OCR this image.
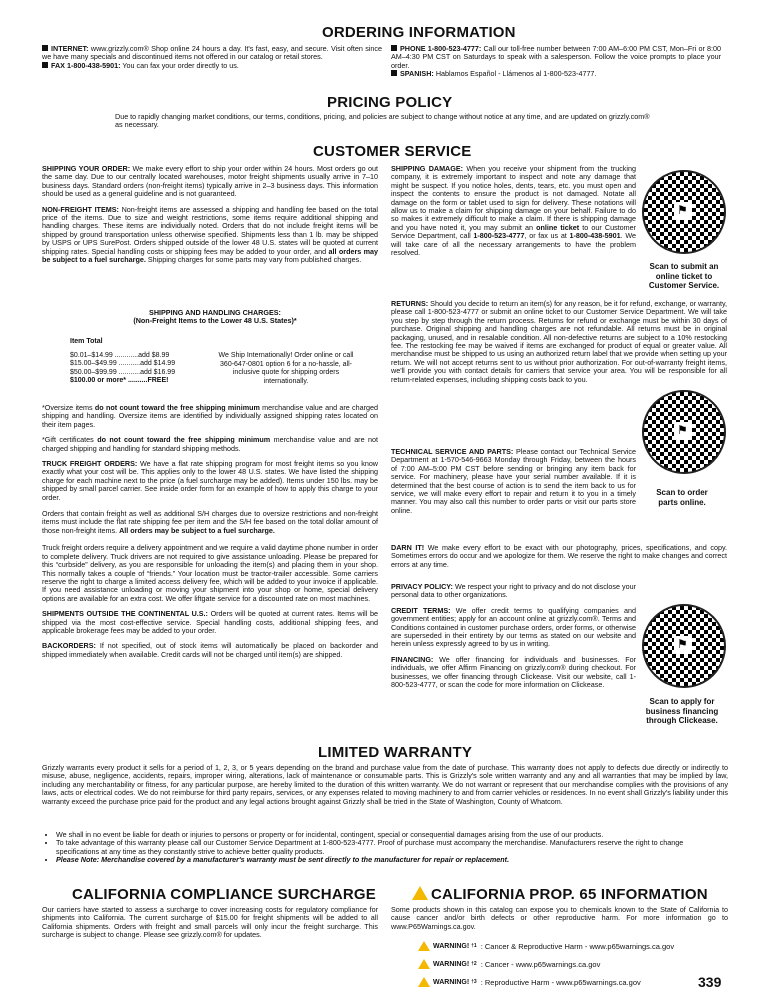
ORDERING INFORMATION

INTERNET: www.grizzly.com® Shop online 24 hours a day. It's fast, easy, and secure. Visit often since we have many specials and discontinued items not offered in our catalog or retail stores.

FAX 1-800-438-5901: You can fax your order directly to us.

PHONE 1-800-523-4777: Call our toll-free number between 7:00 AM–6:00 PM CST, Mon–Fri or 8:00 AM–4:30 PM CST on Saturdays to speak with a salesperson. Follow the voice prompts to place your order.

SPANISH: Hablamos Español - Llámenos al 1-800-523-4777.

PRICING POLICY
Due to rapidly changing market conditions, our terms, conditions, pricing, and policies are subject to change without notice at any time, and are updated on grizzly.com® as necessary.
CUSTOMER SERVICE

SHIPPING YOUR ORDER: We make every effort to ship your order within 24 hours. Most orders go out the same day. Due to our centrally located warehouses, motor freight shipments usually arrive in 7–10 business days. Standard orders (non-freight items) typically arrive in 2–3 business days. This information should be used as a general guideline and is not guaranteed.

NON-FREIGHT ITEMS: Non-freight items are assessed a shipping and handling fee based on the total price of the items. Due to size and weight restrictions, some items require additional shipping and handling charges. These items are individually noted. Orders that do not include freight items will be shipped by ground transportation unless otherwise specified. Shipments less than 1 lb. may be shipped by USPS or UPS SurePost. Orders shipped outside of the lower 48 U.S. states will be quoted at current shipping rates. Special handling costs or shipping fees may be added to your order, and all orders may be subject to a fuel surcharge. Shipping charges for some parts may vary from published charges.

SHIPPING AND HANDLING CHARGES:
(Non-Freight Items to the Lower 48 U.S. States)*
Item Total
$0.01–$14.99 ............add $8.99
$15.00–$49.99 ...........add $14.99
$50.00–$99.99 ...........add $16.99
$100.00 or more* ..........FREE!
We Ship Internationally! Order online or call 360-647-0801 option 6 for a no-hassle, all-inclusive quote for shipping orders internationally.

*Oversize items do not count toward the free shipping minimum merchandise value and are charged shipping and handling. Oversize items are identified by individually assigned shipping rates located on their item pages.

*Gift certificates do not count toward the free shipping minimum merchandise value and are not charged shipping and handling for standard shipping methods.

TRUCK FREIGHT ORDERS: We have a flat rate shipping program for most freight items so you know exactly what your cost will be. This applies only to the lower 48 U.S. states. We have listed the shipping charge for each machine next to the price (a fuel surcharge may be added). Items under 150 lbs. may be shipped by small parcel carrier. See inside order form for an example of how to apply this charge to your order.

Orders that contain freight as well as additional S/H charges due to oversize restrictions and non-freight items must include the flat rate shipping fee per item and the S/H fee based on the total dollar amount of those non-freight items. All orders may be subject to a fuel surcharge.

Truck freight orders require a delivery appointment and we require a valid daytime phone number in order to complete delivery. Truck drivers are not required to give assistance unloading. Please be prepared for this “curbside” delivery, as you are responsible for unloading the item(s) and placing them in your shop. This normally takes a couple of “friends.” Your location must be tractor-trailer accessible. Some carriers reserve the right to charge a limited access delivery fee, which will be added to your invoice if applicable. If you need assistance unloading or moving your shipment into your shop or home, special delivery options are available for an extra cost. We offer liftgate service for a discounted rate on most machines.

SHIPMENTS OUTSIDE THE CONTINENTAL U.S.: Orders will be quoted at current rates. Items will be shipped via the most cost-effective service. Special handling costs, additional shipping fees, and applicable brokerage fees may be added to your order.

BACKORDERS: If not specified, out of stock items will automatically be placed on backorder and shipped immediately when available. Credit cards will not be charged until item(s) are shipped.

SHIPPING DAMAGE: When you receive your shipment from the trucking company, it is extremely important to inspect and note any damage that might be suspect. If you notice holes, dents, tears, etc. you must open and inspect the contents to ensure the product is not damaged. Notate all damage on the form or tablet used to sign for delivery. These notations will allow us to make a claim for shipping damage on your behalf. Failure to do so makes it extremely difficult to make a claim. If there is shipping damage and you have noted it, you may submit an online ticket to our Customer Service Department, call 1-800-523-4777, or fax us at 1-800-438-5901. We will take care of all the necessary arrangements to have the problem resolved.

⚑
Scan to submit an online ticket to Customer Service.

RETURNS: Should you decide to return an item(s) for any reason, be it for refund, exchange, or warranty, please call 1-800-523-4777 or submit an online ticket to our Customer Service Department. We will take you step by step through the return process. Returns for refund or exchange must be within 30 days of purchase. Original shipping and handling charges are not refundable. All returns must be in original packaging, unused, and in resalable condition. All non-defective returns are subject to a 10% restocking fee. The restocking fee may be waived if items are exchanged for product of equal or greater value. All merchandise must be shipped to us using an authorized return label that we provide when setting up your return. We will not accept returns sent to us without prior authorization. For out-of-warranty freight items, we'll provide you with contact details for carriers that service your area. You will be responsible for all return-related expenses, including shipping costs back to you.

⚑
Scan to order parts online.

TECHNICAL SERVICE AND PARTS: Please contact our Technical Service Department at 1-570-546-9663 Monday through Friday, between the hours of 7:00 AM–5:00 PM CST before sending or bringing any item back for service. For machinery, please have your serial number available. If it is determined that the best course of action is to send the item back to us for service, we will make every effort to repair and return it to you in a timely manner. You may also call this number to order parts or visit our parts store online.

DARN IT! We make every effort to be exact with our photography, prices, specifications, and copy. Sometimes errors do occur and we apologize for them. We reserve the right to make changes and correct errors at any time.

PRIVACY POLICY: We respect your right to privacy and do not disclose your personal data to other organizations.

CREDIT TERMS: We offer credit terms to qualifying companies and government entities; apply for an account online at grizzly.com®. Terms and Conditions contained in customer purchase orders, order forms, or otherwise are superseded in their entirety by our terms as stated on our website and herein unless expressly agreed to by us in writing.

FINANCING: We offer financing for individuals and businesses. For individuals, we offer Affirm Financing on grizzly.com® during checkout. For businesses, we offer financing through Clickease. Visit our website, call 1-800-523-4777, or scan the code for more information on Clickease.

⚑
Scan to apply for business financing through Clickease.
LIMITED WARRANTY
Grizzly warrants every product it sells for a period of 1, 2, 3, or 5 years depending on the brand and purchase value from the date of purchase. This warranty does not apply to defects due directly or indirectly to misuse, abuse, negligence, accidents, repairs, improper wiring, alterations, lack of maintenance or consumable parts. This is Grizzly's sole written warranty and any and all warranties that may be implied by law, including any merchantability or fitness, for any particular purpose, are hereby limited to the duration of this written warranty. We do not warrant or represent that our merchandise complies with the provisions of any laws, acts or electrical codes. We do not reimburse for third party repairs, services, or any expenses related to moving machinery to and from carrier vehicles or residences. In no event shall Grizzly's liability under this warranty exceed the purchase price paid for the product and any legal actions brought against Grizzly shall be tried in the State of Washington, County of Whatcom.
• We shall in no event be liable for death or injuries to persons or property or for incidental, contingent, special or consequential damages arising from the use of our products.
• To take advantage of this warranty please call our Customer Service Department at 1-800-523-4777. Proof of purchase must accompany the merchandise. Manufacturers reserve the right to change specifications at any time as they constantly strive to achieve better quality products.
• Please Note: Merchandise covered by a manufacturer's warranty must be sent directly to the manufacturer for repair or replacement.
CALIFORNIA COMPLIANCE SURCHARGE
Our carriers have started to assess a surcharge to cover increasing costs for regulatory compliance for shipments into California. The current surcharge of $15.00 for freight shipments will be added to all California shipments. Orders with freight and small parcels will only incur the freight surcharge. This surcharge is subject to change. Please see grizzly.com® for updates.
CALIFORNIA PROP. 65 INFORMATION
Some products shown in this catalog can expose you to chemicals known to the State of California to cause cancer and/or birth defects or other reproductive harm. For more information go to www.P65Warnings.ca.gov.
WARNING!
†1 : Cancer & Reproductive Harm - www.p65warnings.ca.gov
WARNING!
†2 : Cancer - www.p65warnings.ca.gov
WARNING!
†3 : Reproductive Harm - www.p65warnings.ca.gov	339
